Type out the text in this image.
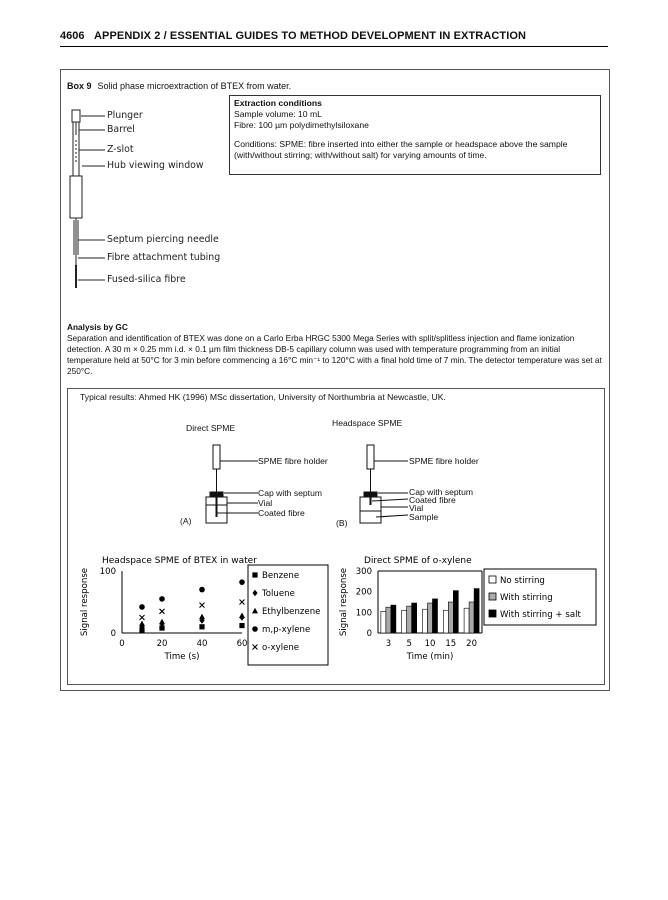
4606 APPENDIX 2 / ESSENTIAL GUIDES TO METHOD DEVELOPMENT IN EXTRACTION
Box 9 Solid phase microextraction of BTEX from water.
Plunger
Barrel
Z-slot
Hub viewing window
Septum piercing needle
Fibre attachment tubing
Fused-silica fibre
Extraction conditions
Sample volume: 10 mL
Fibre: 100 µm polydimethylsiloxane
Conditions: SPME: fibre inserted into either the sample or headspace above the sample (with/without stirring; with/without salt) for varying amounts of time.
Analysis by GC
Separation and identification of BTEX was done on a Carlo Erba HRGC 5300 Mega Series with split/splitless injection and flame ionization detection. A 30 m × 0.25 mm i.d. × 0.1 µm film thickness DB-5 capillary column was used with temperature programming from an initial temperature held at 50°C for 3 min before commencing a 16°C min⁻¹ to 120°C with a final hold time of 7 min. The detector temperature was set at 250°C.
Typical results: Ahmed HK (1996) MSc dissertation, University of Northumbria at Newcastle, UK.
Direct SPME
SPME fibre holder
Cap with septum
Vial
Coated fibre
(A)
Headspace SPME
SPME fibre holder
Cap with septum
Coated fibre
Vial
Sample
(B)
Headspace SPME of BTEX in water
0
100
0	20	40	60
Time (s)
Signal response	Benzene
Toluene
Ethylbenzene
m,p-xylene
o-xylene
Direct SPME of o-xylene
0
100
200
300
3 5 10 15 20
Time (min)
Signal response	No stirring
With stirring
With stirring + salt
